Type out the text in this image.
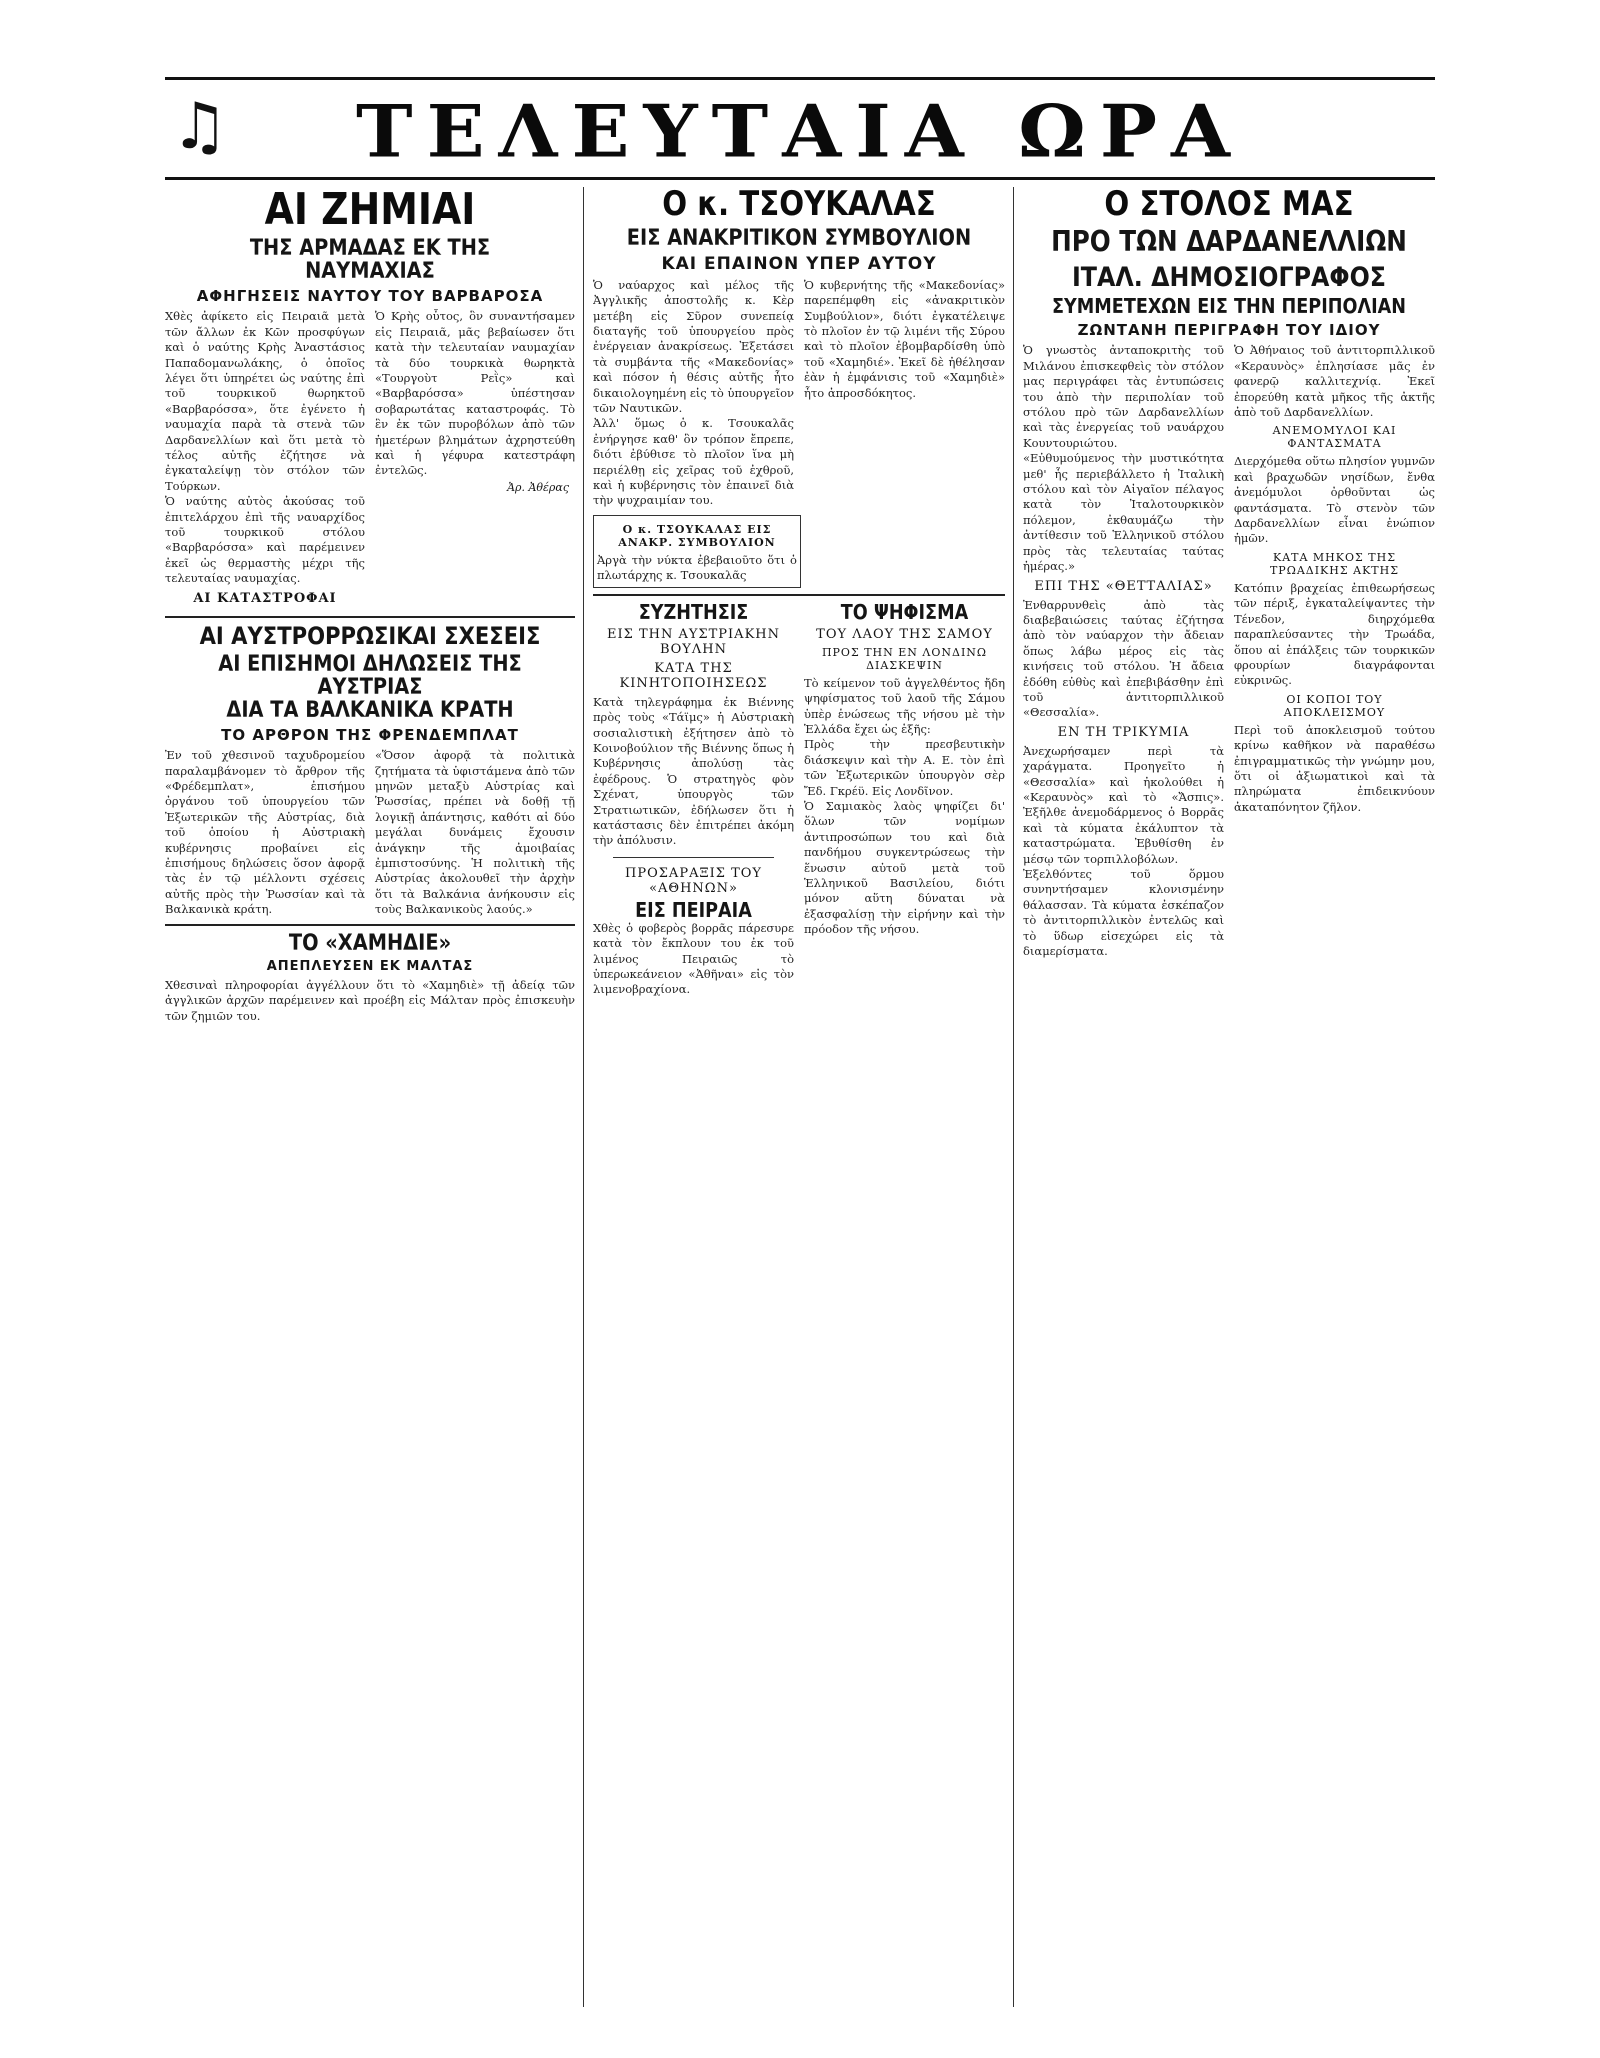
♫ ΤΕΛΕΥΤΑΙΑ ΩΡΑ
ΑΙ ΖΗΜΙΑΙ
ΤΗΣ ΑΡΜΑΔΑΣ ΕΚ ΤΗΣ ΝΑΥΜΑΧΙΑΣ
ΑΦΗΓΗΣΕΙΣ ΝΑΥΤΟΥ ΤΟΥ ΒΑΡΒΑΡΟΣΑ

Χθὲς ἀφίκετο εἰς Πειραιᾶ μετὰ τῶν ἄλλων ἐκ Κῶν προσφύγων καὶ ὁ ναύτης Κρὴς Ἀναστάσιος Παπαδομανωλάκης, ὁ ὁποῖος λέγει ὅτι ὑπηρέτει ὡς ναύτης ἐπὶ τοῦ τουρκικοῦ θωρηκτοῦ «Βαρβαρόσσα», ὅτε ἐγένετο ἡ ναυμαχία παρὰ τὰ στενὰ τῶν Δαρδανελλίων καὶ ὅτι μετὰ τὸ τέλος αὐτῆς ἐζήτησε νὰ ἐγκαταλείψῃ τὸν στόλον τῶν Τούρκων.

Ὁ ναύτης αὐτὸς ἀκούσας τοῦ ἐπιτελάρχου ἐπὶ τῆς ναυαρχίδος τοῦ τουρκικοῦ στόλου «Βαρβαρόσσα» καὶ παρέμεινεν ἐκεῖ ὡς θερμαστὴς μέχρι τῆς τελευταίας ναυμαχίας.

ΑΙ ΚΑΤΑΣΤΡΟΦΑΙ

Ὁ Κρὴς οὗτος, ὃν συναντήσαμεν εἰς Πειραιᾶ, μᾶς βεβαίωσεν ὅτι κατὰ τὴν τελευταίαν ναυμαχίαν τὰ δύο τουρκικὰ θωρηκτὰ «Τουργοὺτ Ρεῒς» καὶ «Βαρβαρόσσα» ὑπέστησαν σοβαρωτάτας καταστροφάς. Τὸ ἓν ἐκ τῶν πυροβόλων ἀπὸ τῶν ἡμετέρων βλημάτων ἀχρηστεύθη καὶ ἡ γέφυρα κατεστράφη ἐντελῶς.

Ἀρ. Ἀθέρας
ΑΙ ΑΥΣΤΡΟΡΡΩΣΙΚΑΙ ΣΧΕΣΕΙΣ
ΑΙ ΕΠΙΣΗΜΟΙ ΔΗΛΩΣΕΙΣ ΤΗΣ ΑΥΣΤΡΙΑΣ
ΔΙΑ ΤΑ ΒΑΛΚΑΝΙΚΑ ΚΡΑΤΗ
ΤΟ ΑΡΘΡΟΝ ΤΗΣ ΦΡΕΝΔΕΜΠΛΑΤ

Ἐν τοῦ χθεσινοῦ ταχυδρομείου παραλαμβάνομεν τὸ ἄρθρον τῆς «Φρέδεμπλατ», ἐπισήμου ὀργάνου τοῦ ὑπουργείου τῶν Ἐξωτερικῶν τῆς Αὐστρίας, διὰ τοῦ ὁποίου ἡ Αὐστριακὴ κυβέρνησις προβαίνει εἰς ἐπισήμους δηλώσεις ὅσον ἀφορᾷ τὰς ἐν τῷ μέλλοντι σχέσεις αὐτῆς πρὸς τὴν Ῥωσσίαν καὶ τὰ Βαλκανικὰ κράτη.

«Ὅσον ἀφορᾷ τὰ πολιτικὰ ζητήματα τὰ ὑφιστάμενα ἀπὸ τῶν μηνῶν μεταξὺ Αὐστρίας καὶ Ῥωσσίας, πρέπει νὰ δοθῇ τῇ λογικῇ ἀπάντησις, καθότι αἱ δύο μεγάλαι δυνάμεις ἔχουσιν ἀνάγκην τῆς ἀμοιβαίας ἐμπιστοσύνης. Ἡ πολιτικὴ τῆς Αὐστρίας ἀκολουθεῖ τὴν ἀρχὴν ὅτι τὰ Βαλκάνια ἀνήκουσιν εἰς τοὺς Βαλκανικοὺς λαούς.»

ΤΟ «ΧΑΜΗΔΙΕ»
ΑΠΕΠΛΕΥΣΕΝ ΕΚ ΜΑΛΤΑΣ

Χθεσιναὶ πληροφορίαι ἀγγέλλουν ὅτι τὸ «Χαμηδιὲ» τῇ ἀδείᾳ τῶν ἀγγλικῶν ἀρχῶν παρέμεινεν καὶ προέβη εἰς Μάλταν πρὸς ἐπισκευὴν τῶν ζημιῶν του.

Ο κ. ΤΣΟΥΚΑΛΑΣ
ΕΙΣ ΑΝΑΚΡΙΤΙΚΟΝ ΣΥΜΒΟΥΛΙΟΝ
ΚΑΙ ΕΠΑΙΝΟΝ ΥΠΕΡ ΑΥΤΟΥ

Ὁ ναύαρχος καὶ μέλος τῆς Ἀγγλικῆς ἀποστολῆς κ. Κὲρ μετέβη εἰς Σῦρον συνεπείᾳ διαταγῆς τοῦ ὑπουργείου πρὸς ἐνέργειαν ἀνακρίσεως. Ἐξετάσει τὰ συμβάντα τῆς «Μακεδονίας» καὶ πόσον ἡ θέσις αὐτῆς ἦτο δικαιολογημένη εἰς τὸ ὑπουργεῖον τῶν Ναυτικῶν.

Ἀλλ' ὅμως ὁ κ. Τσουκαλᾶς ἐνήργησε καθ' ὃν τρόπον ἔπρεπε, διότι ἐβύθισε τὸ πλοῖον ἵνα μὴ περιέλθῃ εἰς χεῖρας τοῦ ἐχθροῦ, καὶ ἡ κυβέρνησις τὸν ἐπαινεῖ διὰ τὴν ψυχραιμίαν του.

Ὁ κυβερνήτης τῆς «Μακεδονίας» παρεπέμφθη εἰς «ἀνακριτικὸν Συμβούλιον», διότι ἐγκατέλειψε τὸ πλοῖον ἐν τῷ λιμένι τῆς Σύρου καὶ τὸ πλοῖον ἐβομβαρδίσθη ὑπὸ τοῦ «Χαμηδιέ». Ἐκεῖ δὲ ἠθέλησαν ἐὰν ἡ ἐμφάνισις τοῦ «Χαμηδιὲ» ἦτο ἀπροσδόκητος.

Ο κ. ΤΣΟΥΚΑΛΑΣ ΕΙΣ ΑΝΑΚΡ. ΣΥΜΒΟΥΛΙΟΝ

Ἀργὰ τὴν νύκτα ἐβεβαιοῦτο ὅτι ὁ πλωτάρχης κ. Τσουκαλᾶς

ΣΥΖΗΤΗΣΙΣ
ΕΙΣ ΤΗΝ ΑΥΣΤΡΙΑΚΗΝ ΒΟΥΛΗΝ
ΚΑΤΑ ΤΗΣ ΚΙΝΗΤΟΠΟΙΗΣΕΩΣ

Κατὰ τηλεγράφημα ἐκ Βιέννης πρὸς τοὺς «Τάϊμς» ἡ Αὐστριακὴ σοσιαλιστικὴ ἐξήτησεν ἀπὸ τὸ Κοινοβούλιον τῆς Βιέννης ὅπως ἡ Κυβέρνησις ἀπολύσῃ τὰς ἐφέδρους. Ὁ στρατηγὸς φὸν Σχένατ, ὑπουργὸς τῶν Στρατιωτικῶν, ἐδήλωσεν ὅτι ἡ κατάστασις δὲν ἐπιτρέπει ἀκόμη τὴν ἀπόλυσιν.

ΠΡΟΣΑΡΑΞΙΣ ΤΟΥ «ΑΘΗΝΩΝ»
ΕΙΣ ΠΕΙΡΑΙΑ

Χθὲς ὁ φοβερὸς βορρᾶς πάρεσυρε κατὰ τὸν ἔκπλουν του ἐκ τοῦ λιμένος Πειραιῶς τὸ ὑπερωκεάνειον «Ἀθῆναι» εἰς τὸν λιμενοβραχίονα.

ΤΟ ΨΗΦΙΣΜΑ
ΤΟΥ ΛΑΟΥ ΤΗΣ ΣΑΜΟΥ
ΠΡΟΣ ΤΗΝ ΕΝ ΛΟΝΔΙΝΩ ΔΙΑΣΚΕΨΙΝ

Τὸ κείμενον τοῦ ἀγγελθέντος ἤδη ψηφίσματος τοῦ λαοῦ τῆς Σάμου ὑπὲρ ἑνώσεως τῆς νήσου μὲ τὴν Ἑλλάδα ἔχει ὡς ἑξῆς:

Πρὸς τὴν πρεσβευτικὴν διάσκεψιν καὶ τὴν Α. Ε. τὸν ἐπὶ τῶν Ἐξωτερικῶν ὑπουργὸν σὲρ Ἔδ. Γκρέϋ. Εἰς Λονδῖνον.

Ὁ Σαμιακὸς λαὸς ψηφίζει δι' ὅλων τῶν νομίμων ἀντιπροσώπων του καὶ διὰ πανδήμου συγκεντρώσεως τὴν ἕνωσιν αὐτοῦ μετὰ τοῦ Ἑλληνικοῦ Βασιλείου, διότι μόνον αὕτη δύναται νὰ ἐξασφαλίσῃ τὴν εἰρήνην καὶ τὴν πρόοδον τῆς νήσου.

Ο ΣΤΟΛΟΣ ΜΑΣ
ΠΡΟ ΤΩΝ ΔΑΡΔΑΝΕΛΛΙΩΝ
ΙΤΑΛ. ΔΗΜΟΣΙΟΓΡΑΦΟΣ
ΣΥΜΜΕΤΕΧΩΝ ΕΙΣ ΤΗΝ ΠΕΡΙΠΟΛΙΑΝ
ΖΩΝΤΑΝΗ ΠΕΡΙΓΡΑΦΗ ΤΟΥ ΙΔΙΟΥ

Ὁ γνωστὸς ἀνταποκριτὴς τοῦ Μιλάνου ἐπισκεφθεὶς τὸν στόλον μας περιγράφει τὰς ἐντυπώσεις του ἀπὸ τὴν περιπολίαν τοῦ στόλου πρὸ τῶν Δαρδανελλίων καὶ τὰς ἐνεργείας τοῦ ναυάρχου Κουντουριώτου.

«Εὐθυμούμενος τὴν μυστικότητα μεθ' ἧς περιεβάλλετο ἡ Ἰταλικὴ στόλου καὶ τὸν Αἰγαῖον πέλαγος κατὰ τὸν Ἰταλοτουρκικὸν πόλεμον, ἐκθαυμάζω τὴν ἀντίθεσιν τοῦ Ἑλληνικοῦ στόλου πρὸς τὰς τελευταίας ταύτας ἡμέρας.»

ΕΠΙ ΤΗΣ «ΘΕΤΤΑΛΙΑΣ»

Ἐνθαρρυνθεὶς ἀπὸ τὰς διαβεβαιώσεις ταύτας ἐζήτησα ἀπὸ τὸν ναύαρχον τὴν ἄδειαν ὅπως λάβω μέρος εἰς τὰς κινήσεις τοῦ στόλου. Ἡ ἄδεια ἐδόθη εὐθὺς καὶ ἐπεβιβάσθην ἐπὶ τοῦ ἀντιτορπιλλικοῦ «Θεσσαλία».

ΕΝ ΤΗ ΤΡΙΚΥΜΙΑ

Ἀνεχωρήσαμεν περὶ τὰ χαράγματα. Προηγεῖτο ἡ «Θεσσαλία» καὶ ἠκολούθει ἡ «Κεραυνὸς» καὶ τὸ «Ἄσπις». Ἐξῆλθε ἀνεμοδάρμενος ὁ Βορρᾶς καὶ τὰ κύματα ἐκάλυπτον τὰ καταστρώματα. Ἐβυθίσθη ἐν μέσῳ τῶν τορπιλλοβόλων.

Ἐξελθόντες τοῦ ὅρμου συνηντήσαμεν κλονισμένην θάλασσαν. Τὰ κύματα ἐσκέπαζον τὸ ἀντιτορπιλλικὸν ἐντελῶς καὶ τὸ ὕδωρ εἰσεχώρει εἰς τὰ διαμερίσματα.

Ὁ Ἀθήναιος τοῦ ἀντιτορπιλλικοῦ «Κεραυνὸς» ἐπλησίασε μᾶς ἐν φανερῷ καλλιτεχνίᾳ. Ἐκεῖ ἐπορεύθη κατὰ μῆκος τῆς ἀκτῆς ἀπὸ τοῦ Δαρδανελλίων.

ΑΝΕΜΟΜΥΛΟΙ ΚΑΙ ΦΑΝΤΑΣΜΑΤΑ

Διερχόμεθα οὕτω πλησίον γυμνῶν καὶ βραχωδῶν νησίδων, ἔνθα ἀνεμόμυλοι ὀρθοῦνται ὡς φαντάσματα. Τὸ στενὸν τῶν Δαρδανελλίων εἶναι ἐνώπιον ἡμῶν.

ΚΑΤΑ ΜΗΚΟΣ ΤΗΣ ΤΡΩΑΔΙΚΗΣ ΑΚΤΗΣ

Κατόπιν βραχείας ἐπιθεωρήσεως τῶν πέριξ, ἐγκαταλείψαντες τὴν Τένεδον, διηρχόμεθα παραπλεύσαντες τὴν Τρωάδα, ὅπου αἱ ἐπάλξεις τῶν τουρκικῶν φρουρίων διαγράφονται εὐκρινῶς.

ΟΙ ΚΟΠΟΙ ΤΟΥ ΑΠΟΚΛΕΙΣΜΟΥ

Περὶ τοῦ ἀποκλεισμοῦ τούτου κρίνω καθῆκον νὰ παραθέσω ἐπιγραμματικῶς τὴν γνώμην μου, ὅτι οἱ ἀξιωματικοὶ καὶ τὰ πληρώματα ἐπιδεικνύουν ἀκαταπόνητον ζῆλον.
